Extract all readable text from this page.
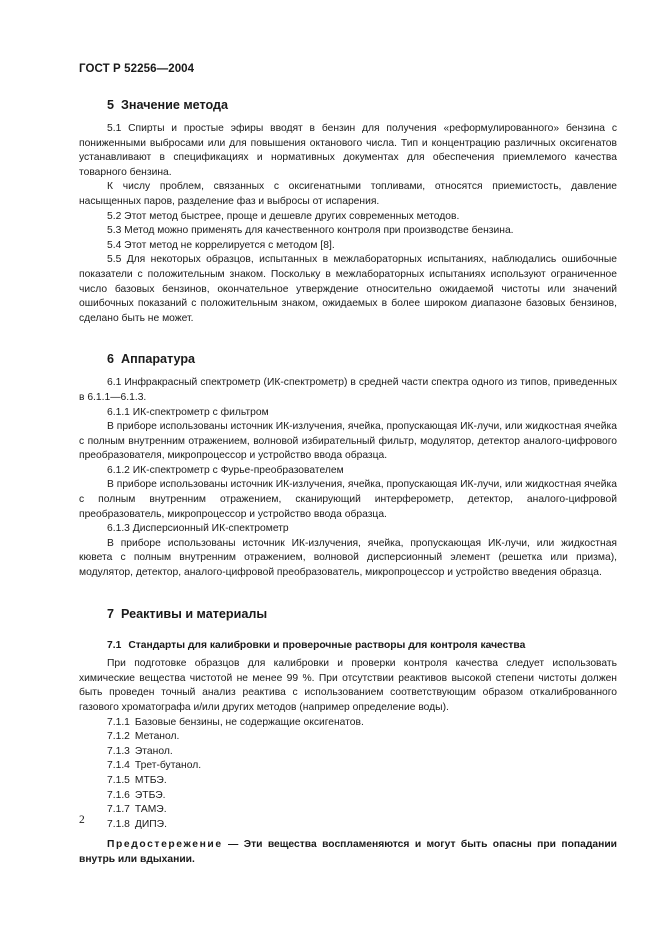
ГОСТ Р 52256—2004
5 Значение метода

5.1 Спирты и простые эфиры вводят в бензин для получения «реформулированного» бензина с пониженными выбросами или для повышения октанового числа. Тип и концентрацию различных оксигенатов устанавливают в спецификациях и нормативных документах для обеспечения приемлемого качества товарного бензина.

К числу проблем, связанных с оксигенатными топливами, относятся приемистость, давление насыщенных паров, разделение фаз и выбросы от испарения.

5.2 Этот метод быстрее, проще и дешевле других современных методов.

5.3 Метод можно применять для качественного контроля при производстве бензина.

5.4 Этот метод не коррелируется с методом [8].

5.5 Для некоторых образцов, испытанных в межлабораторных испытаниях, наблюдались ошибочные показатели с положительным знаком. Поскольку в межлабораторных испытаниях используют ограниченное число базовых бензинов, окончательное утверждение относительно ожидаемой чистоты или значений ошибочных показаний с положительным знаком, ожидаемых в более широком диапазоне базовых бензинов, сделано быть не может.

6 Аппаратура

6.1 Инфракрасный спектрометр (ИК-спектрометр) в средней части спектра одного из типов, приведенных в 6.1.1—6.1.3.

6.1.1 ИК-спектрометр с фильтром

В приборе использованы источник ИК-излучения, ячейка, пропускающая ИК-лучи, или жидкостная ячейка с полным внутренним отражением, волновой избирательный фильтр, модулятор, детектор аналого-цифрового преобразователя, микропроцессор и устройство ввода образца.

6.1.2 ИК-спектрометр с Фурье-преобразователем

В приборе использованы источник ИК-излучения, ячейка, пропускающая ИК-лучи, или жидкостная ячейка с полным внутренним отражением, сканирующий интерферометр, детектор, аналого-цифровой преобразователь, микропроцессор и устройство ввода образца.

6.1.3 Дисперсионный ИК-спектрометр

В приборе использованы источник ИК-излучения, ячейка, пропускающая ИК-лучи, или жидкостная кювета с полным внутренним отражением, волновой дисперсионный элемент (решетка или призма), модулятор, детектор, аналого-цифровой преобразователь, микропроцессор и устройство введения образца.

7 Реактивы и материалы
7.1 Стандарты для калибровки и проверочные растворы для контроля качества

При подготовке образцов для калибровки и проверки контроля качества следует использовать химические вещества чистотой не менее 99 %. При отсутствии реактивов высокой степени чистоты должен быть проведен точный анализ реактива с использованием соответствующим образом откалиброванного газового хроматографа и/или других методов (например определение воды).

7.1.1 Базовые бензины, не содержащие оксигенатов.

7.1.2 Метанол.

7.1.3 Этанол.

7.1.4 Трет-бутанол.

7.1.5 МТБЭ.

7.1.6 ЭТБЭ.

7.1.7 ТАМЭ.

7.1.8 ДИПЭ.

Предостережение — Эти вещества воспламеняются и могут быть опасны при попадании внутрь или вдыхании.

2
